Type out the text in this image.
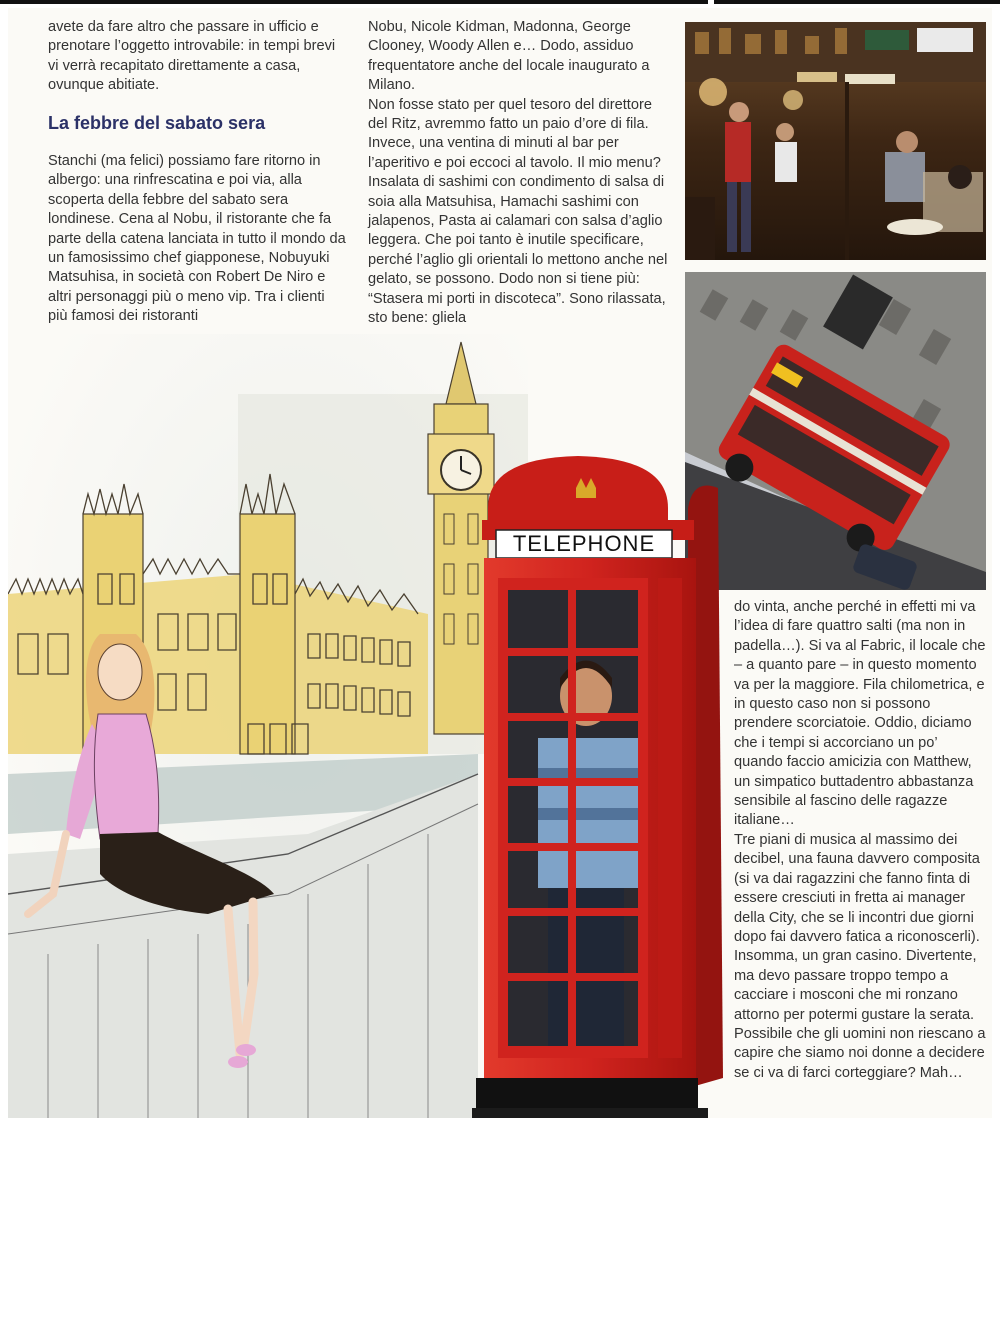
avete da fare altro che passare in ufficio e prenotare l’oggetto introvabile: in tempi brevi vi verrà recapitato direttamente a casa, ovunque abitiate.

La febbre del sabato sera

Stanchi (ma felici) possiamo fare ritorno in albergo: una rinfrescatina e poi via, alla scoperta della febbre del sabato sera londinese. Cena al Nobu, il ristorante che fa parte della catena lanciata in tutto il mondo da un famosissimo chef giapponese, Nobuyuki Matsuhisa, in società con Robert De Niro e altri personaggi più o meno vip. Tra i clienti più famosi dei ristoranti

Nobu, Nicole Kidman, Madonna, George Clooney, Woody Allen e… Dodo, assiduo frequentatore anche del locale inaugurato a Milano.

Non fosse stato per quel tesoro del direttore del Ritz, avremmo fatto un paio d’ore di fila. Invece, una ventina di minuti al bar per l’aperitivo e poi eccoci al tavolo. Il mio menu? Insalata di sashimi con condimento di salsa di soia alla Matsuhisa, Hamachi sashimi con jalapenos, Pasta ai calamari con salsa d’aglio leggera. Che poi tanto è inutile specificare, perché l’aglio gli orientali lo mettono anche nel gelato, se possono. Dodo non si tiene più: “Stasera mi porti in discoteca”. Sono rilassata, sto bene: gliela

do vinta, anche perché in effetti mi va l’idea di fare quattro salti (ma non in padella…). Si va al Fabric, il locale che – a quanto pare – in questo momento va per la maggiore. Fila chilometrica, e in questo caso non si possono prendere scorciatoie. Oddio, diciamo che i tempi si accorciano un po’ quando faccio amicizia con Matthew, un simpatico buttadentro abbastanza sensibile al fascino delle ragazze italiane…

Tre piani di musica al massimo dei decibel, una fauna davvero composita (si va dai ragazzini che fanno finta di essere cresciuti in fretta ai manager della City, che se li incontri due giorni dopo fai davvero fatica a riconoscerli). Insomma, un gran casino. Divertente, ma devo passare troppo tempo a cacciare i mosconi che mi ronzano attorno per potermi gustare la serata. Possibile che gli uomini non riescano a capire che siamo noi donne a decidere se ci va di farci corteggiare? Mah…

TELEPHONE
